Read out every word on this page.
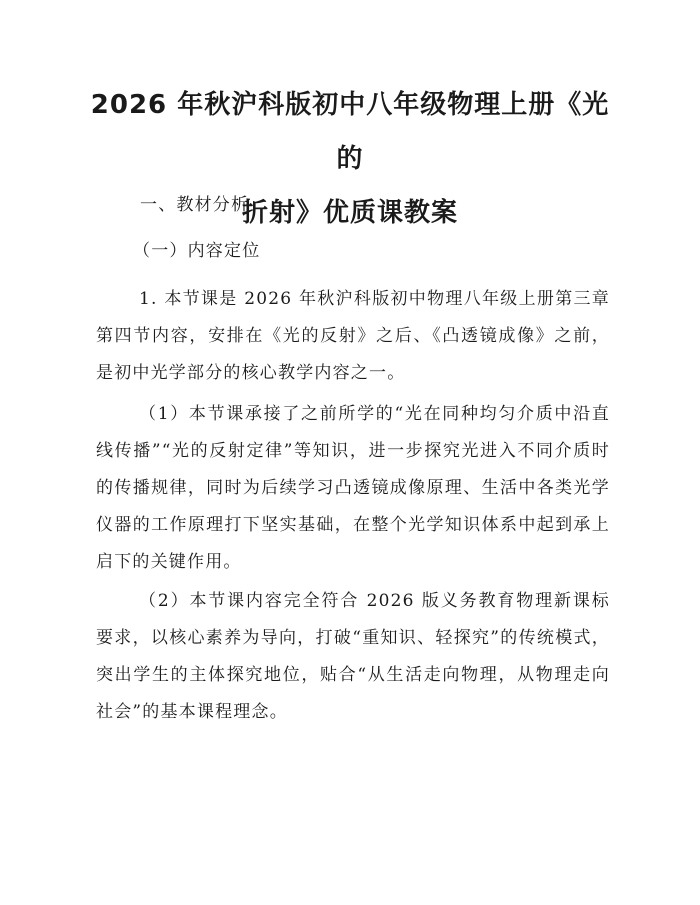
2026 年秋沪科版初中八年级物理上册《光的
折射》优质课教案

一、教材分析

（一）内容定位

1. 本节课是 2026 年秋沪科版初中物理八年级上册第三章第四节内容，安排在《光的反射》之后、《凸透镜成像》之前，是初中光学部分的核心教学内容之一。

（1）本节课承接了之前所学的“光在同种均匀介质中沿直线传播”“光的反射定律”等知识，进一步探究光进入不同介质时的传播规律，同时为后续学习凸透镜成像原理、生活中各类光学仪器的工作原理打下坚实基础，在整个光学知识体系中起到承上启下的关键作用。

（2）本节课内容完全符合 2026 版义务教育物理新课标要求，以核心素养为导向，打破“重知识、轻探究”的传统模式，突出学生的主体探究地位，贴合“从生活走向物理，从物理走向社会”的基本课程理念。
